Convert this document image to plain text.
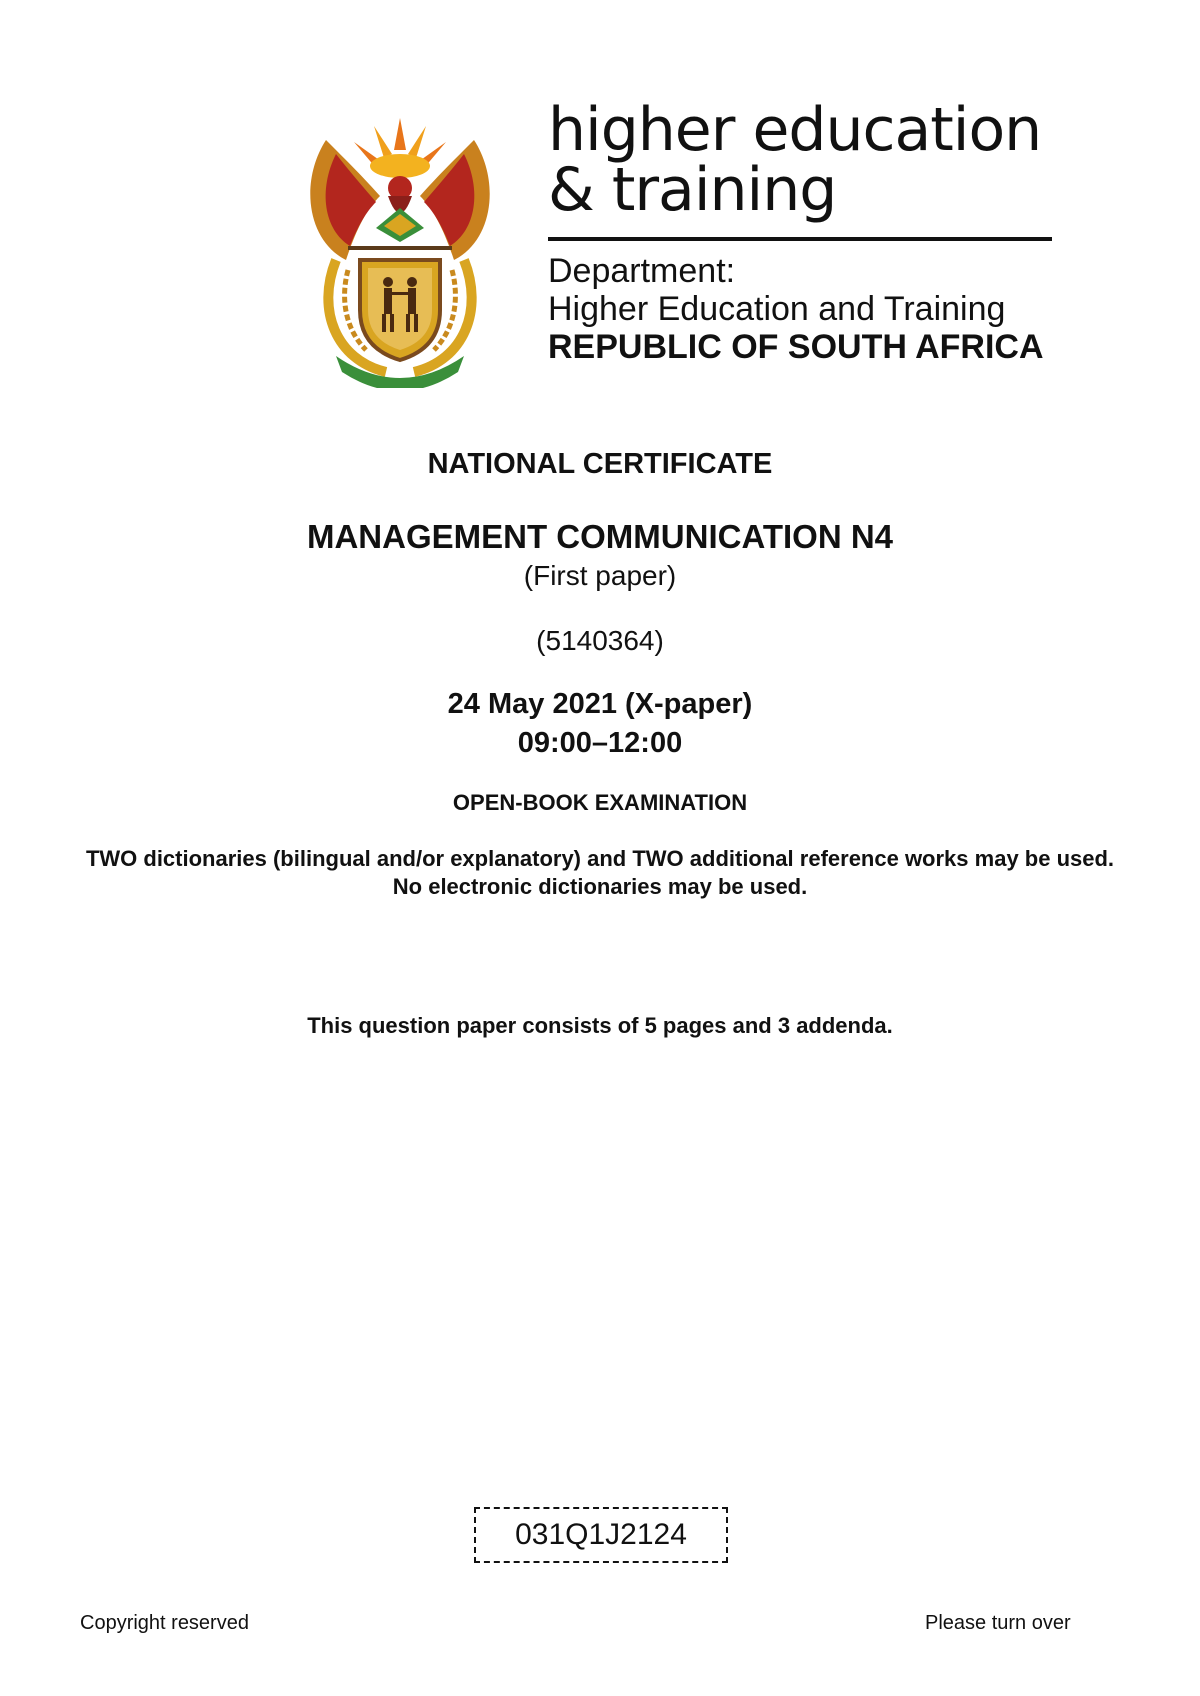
higher education
& training
Department:
Higher Education and Training
REPUBLIC OF SOUTH AFRICA
NATIONAL CERTIFICATE
MANAGEMENT COMMUNICATION N4
(First paper)
(5140364)
24 May 2021 (X-paper)
09:00–12:00
OPEN-BOOK EXAMINATION

TWO dictionaries (bilingual and/or explanatory) and TWO additional reference works may be used.

No electronic dictionaries may be used.

This question paper consists of 5 pages and 3 addenda.
031Q1J2124
Copyright reserved	Please turn over
